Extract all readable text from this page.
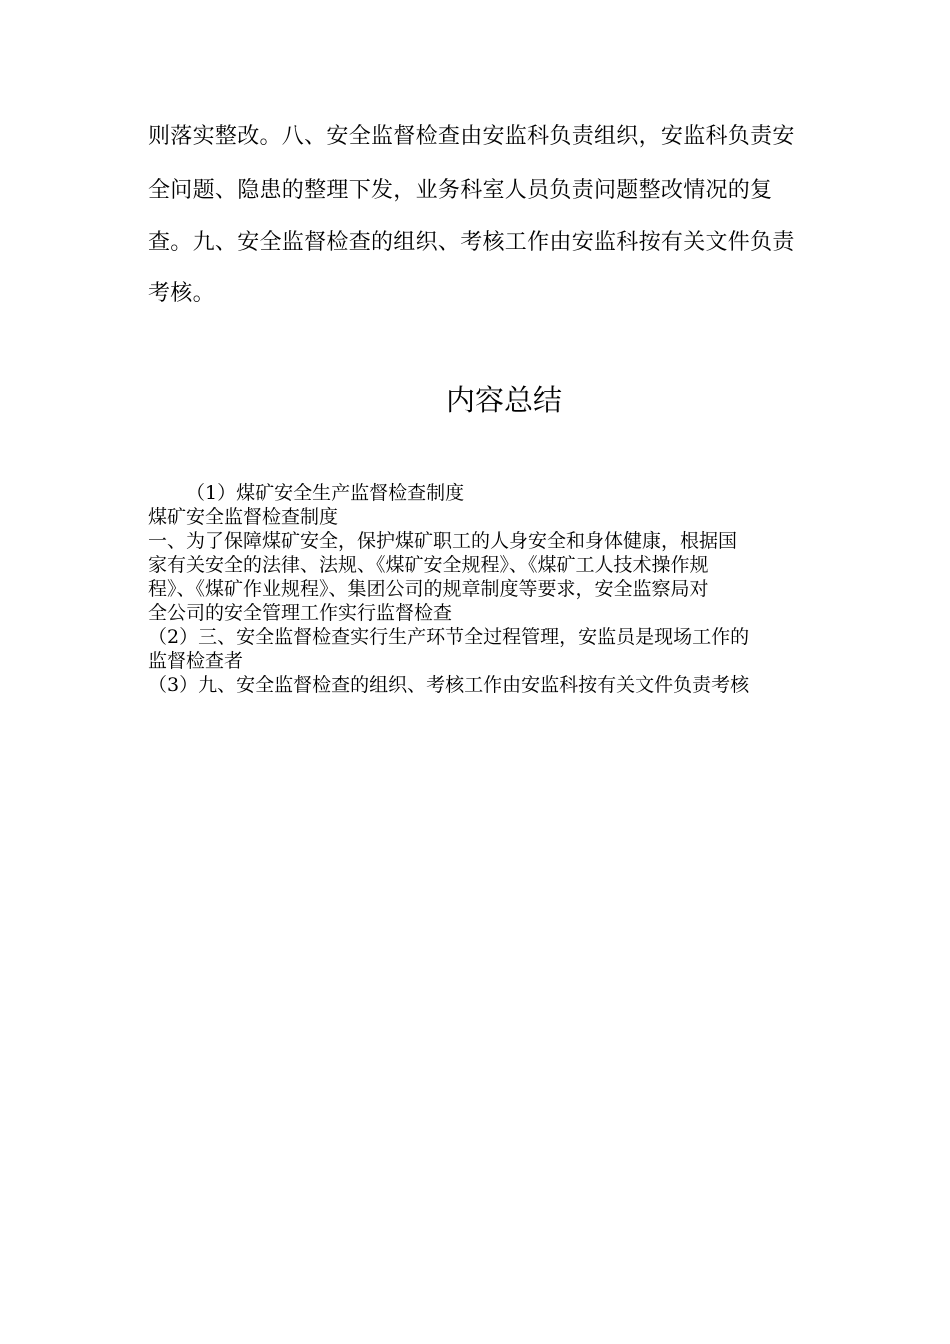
则落实整改。八、安全监督检查由安监科负责组织，安监科负责安
全问题、隐患的整理下发，业务科室人员负责问题整改情况的复
查。九、安全监督检查的组织、考核工作由安监科按有关文件负责
考核。
内容总结
（1）煤矿安全生产监督检查制度
煤矿安全监督检查制度
一、为了保障煤矿安全，保护煤矿职工的人身安全和身体健康，根据国
家有关安全的法律、法规、《煤矿安全规程》、《煤矿工人技术操作规
程》、《煤矿作业规程》、集团公司的规章制度等要求，安全监察局对
全公司的安全管理工作实行监督检查
（2）三、安全监督检查实行生产环节全过程管理，安监员是现场工作的
监督检查者
（3）九、安全监督检查的组织、考核工作由安监科按有关文件负责考核
